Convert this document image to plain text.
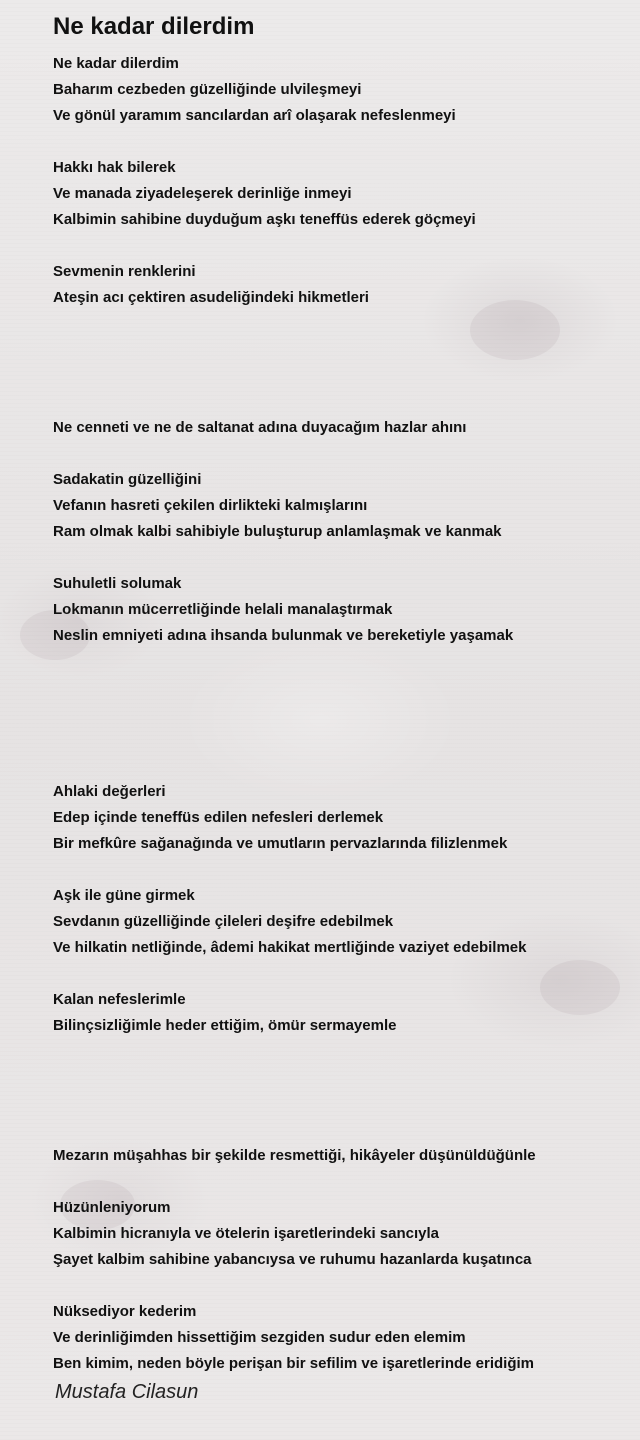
Ne kadar dilerdim
Ne kadar dilerdim
Baharım cezbeden güzelliğinde ulvileşmeyi
Ve gönül yaramım sancılardan arî olaşarak nefeslenmeyi
Hakkı hak bilerek
Ve manada ziyadeleşerek derinliğe inmeyi
Kalbimin sahibine duyduğum aşkı teneffüs ederek göçmeyi
Sevmenin renklerini
Ateşin acı çektiren asudeliğindeki hikmetleri
Ne cenneti ve ne de saltanat adına duyacağım hazlar ahını
Sadakatin güzelliğini
Vefanın hasreti çekilen dirlikteki kalmışlarını
Ram olmak kalbi sahibiyle buluşturup anlamlaşmak ve kanmak
Suhuletli solumak
Lokmanın mücerretliğinde helali manalaştırmak
Neslin emniyeti adına ihsanda bulunmak ve bereketiyle yaşamak
Ahlaki değerleri
Edep içinde teneffüs edilen nefesleri derlemek
Bir mefkûre sağanağında ve umutların pervazlarında filizlenmek
Aşk ile güne girmek
Sevdanın güzelliğinde çileleri deşifre edebilmek
Ve hilkatin netliğinde, âdemi hakikat mertliğinde vaziyet edebilmek
Kalan nefeslerimle
Bilinçsizliğimle heder ettiğim, ömür sermayemle
Mezarın müşahhas bir şekilde resmettiği, hikâyeler düşünüldüğünle
Hüzünleniyorum
Kalbimin hicranıyla ve ötelerin işaretlerindeki sancıyla
Şayet kalbim sahibine yabancıysa ve ruhumu hazanlarda kuşatınca
Nüksediyor kederim
Ve derinliğimden hissettiğim sezgiden sudur eden elemim
Ben kimim, neden böyle perişan bir sefilim ve işaretlerinde eridiğim
Mustafa Cilasun
